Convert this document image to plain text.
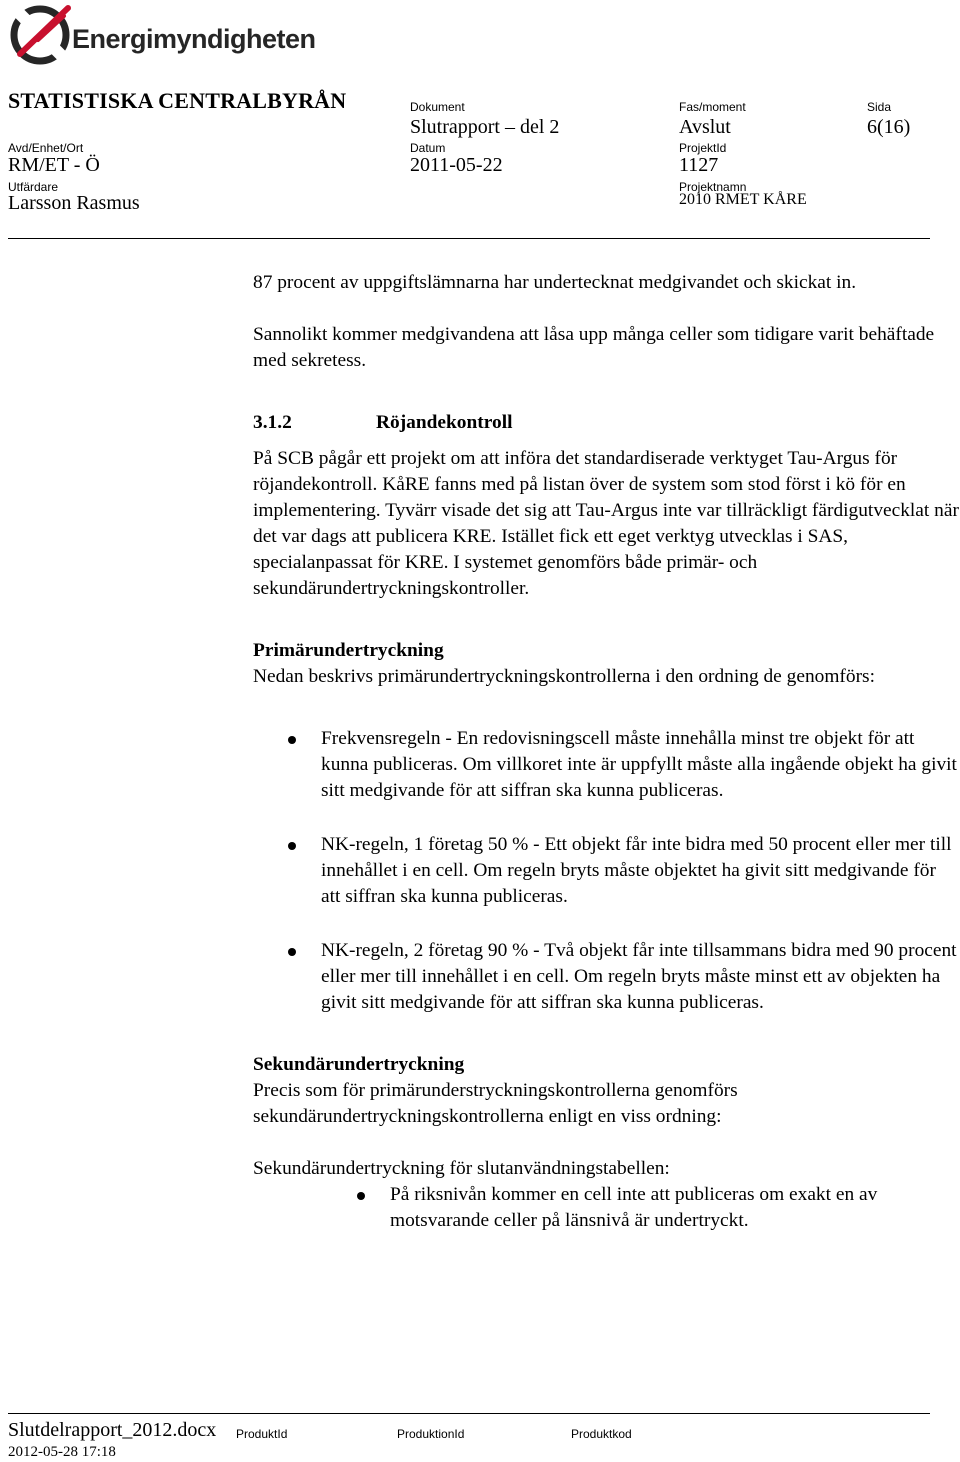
Energimyndigheten
STATISTISKA CENTRALBYRÅN	Dokument
Slutrapport – del 2
Fas/moment
Avslut
Sida
6(16)
Avd/Enhet/Ort
RM/ET - Ö
Datum
2011-05-22
ProjektId
1127
Utfärdare
Larsson Rasmus
Projektnamn
2010 RMET KÅRE

87 procent av uppgiftslämnarna har undertecknat medgivandet och skickat in.

Sannolikt kommer medgivandena att låsa upp många celler som tidigare varit behäftade med sekretess.

3.1.2	Röjandekontroll

På SCB pågår ett projekt om att införa det standardiserade verktyget Tau-Argus för röjandekontroll. KåRE fanns med på listan över de system som stod först i kö för en implementering. Tyvärr visade det sig att Tau-Argus inte var tillräckligt färdigutvecklat när det var dags att publicera KRE. Istället fick ett eget verktyg utvecklas i SAS, specialanpassat för KRE. I systemet genomförs både primär- och sekundärundertryckningskontroller.

Primärundertryckning

Nedan beskrivs primärundertryckningskontrollerna i den ordning de genomförs:

Frekvensregeln - En redovisningscell måste innehålla minst tre objekt för att kunna publiceras. Om villkoret inte är uppfyllt måste alla ingående objekt ha givit sitt medgivande för att siffran ska kunna publiceras.
NK-regeln, 1 företag 50 % - Ett objekt får inte bidra med 50 procent eller mer till innehållet i en cell. Om regeln bryts måste objektet ha givit sitt medgivande för att siffran ska kunna publiceras.
NK-regeln, 2 företag 90 % - Två objekt får inte tillsammans bidra med 90 procent eller mer till innehållet i en cell. Om regeln bryts måste minst ett av objekten ha givit sitt medgivande för att siffran ska kunna publiceras.

Sekundärundertryckning

Precis som för primärunderstryckningskontrollerna genomförs sekundärundertryckningskontrollerna enligt en viss ordning:

Sekundärundertryckning för slutanvändningstabellen:

På riksnivån kommer en cell inte att publiceras om exakt en av motsvarande celler på länsnivå är undertryckt.
Slutdelrapport_2012.docx
2012-05-28 17:18
ProduktId	ProduktionId	Produktkod
